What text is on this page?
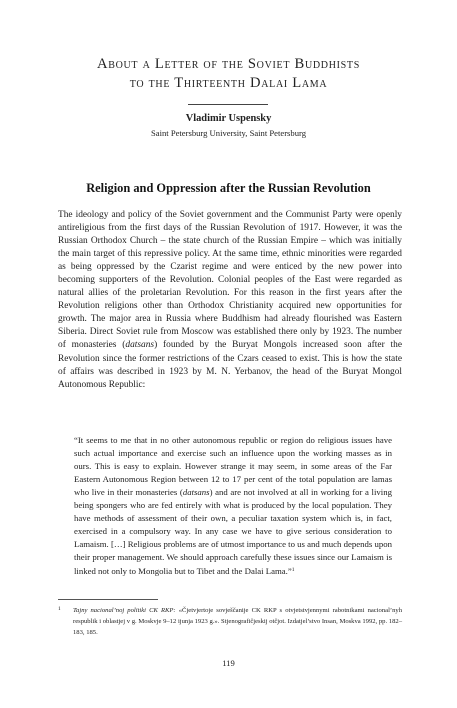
About a Letter of the Soviet Buddhists
to the Thirteenth Dalai Lama
Vladimir Uspensky
Saint Petersburg University, Saint Petersburg
Religion and Oppression after the Russian Revolution
The ideology and policy of the Soviet government and the Communist Party were openly antireligious from the first days of the Russian Revolution of 1917. However, it was the Russian Orthodox Church – the state church of the Russian Empire – which was initially the main target of this repressive policy. At the same time, ethnic minorities were regarded as being oppressed by the Czarist regime and were enticed by the new power into becoming supporters of the Revolution. Colonial peoples of the East were regarded as natural allies of the proletarian Revolution. For this reason in the first years after the Revolution religions other than Orthodox Christianity acquired new opportunities for growth. The major area in Russia where Buddhism had already flourished was Eastern Siberia. Direct Soviet rule from Moscow was established there only by 1923. The number of monasteries (datsans) founded by the Buryat Mongols increased soon after the Revolution since the former restrictions of the Czars ceased to exist. This is how the state of affairs was described in 1923 by M. N. Yerbanov, the head of the Buryat Mongol Autonomous Republic:
“It seems to me that in no other autonomous republic or region do religious issues have such actual importance and exercise such an influence upon the working masses as in ours. This is easy to explain. However strange it may seem, in some areas of the Far Eastern Autonomous Region between 12 to 17 per cent of the total population are lamas who live in their monasteries (datsans) and are not involved at all in working for a living being spongers who are fed entirely with what is produced by the local population. They have methods of assessment of their own, a peculiar taxation system which is, in fact, exercised in a compulsory way. In any case we have to give serious consideration to Lamaism. […] Religious problems are of utmost importance to us and much depends upon their proper management. We should approach carefully these issues since our Lamaism is linked not only to Mongolia but to Tibet and the Dalai Lama.”$^1$
1	Tajny nacional’noj politiki CK RKP: «Čjetvjertoje sovješčanije CK RKP s otvjetstvjennymi rabotnikami nacional’nyh respublik i oblastjej v g. Moskvje 9–12 ijunja 1923 g.». Stjenografičjeskij otčjot. Izdatjel’stvo Insan, Moskva 1992, pp. 182–183, 185.
119
